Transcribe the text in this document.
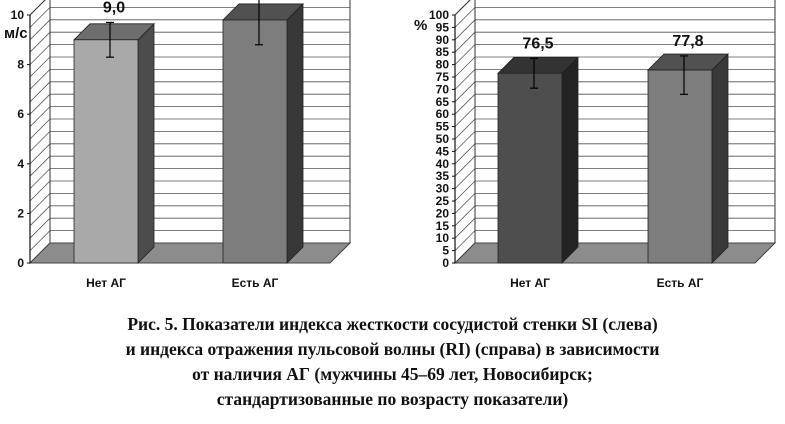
0
2
4
6
8
10
м/с
9,0
Нет АГ	Есть АГ
0
5
10
15
20
25
30
35
40
45
50
55
60
65
70
75
80
85
90
95
100
%
76,5
Нет АГ
77,8
Есть АГ
Рис. 5. Показатели индекса жесткости сосудистой стенки SI (слева)
и индекса отражения пульсовой волны (RI) (справа) в зависимости
от наличия АГ (мужчины 45–69 лет, Новосибирск;
стандартизованные по возрасту показатели)
